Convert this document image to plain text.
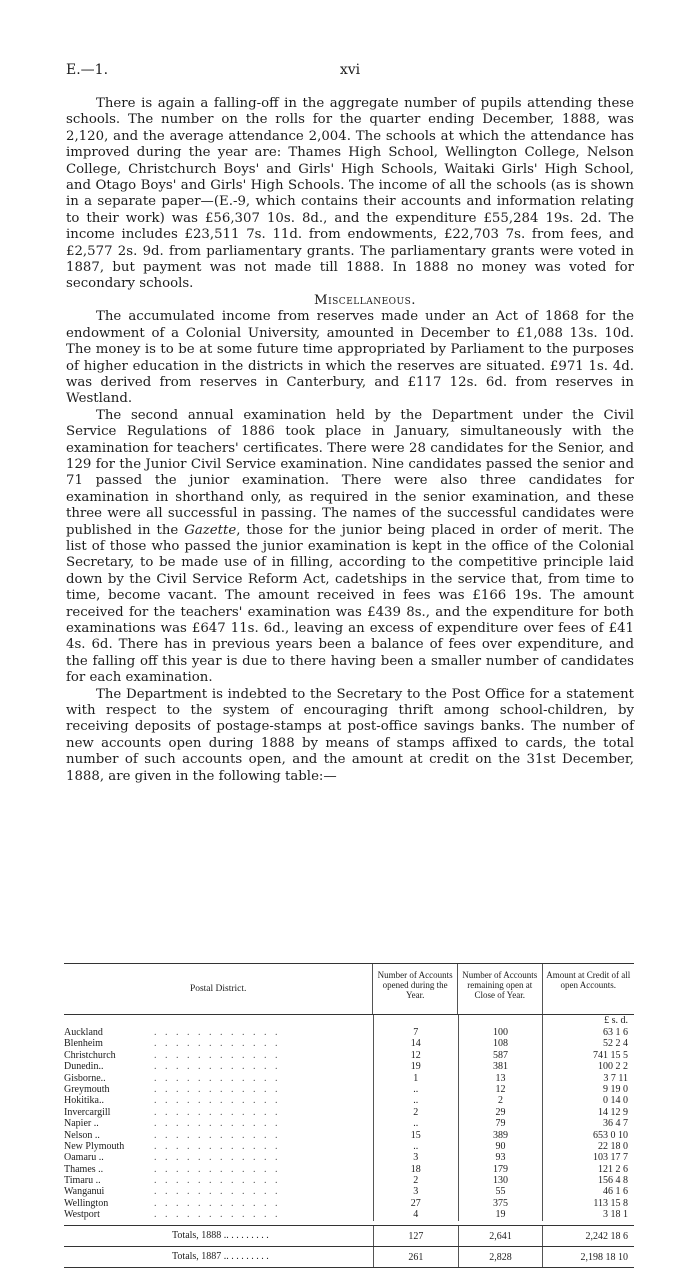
E.—1.	xvi

There is again a falling-off in the aggregate number of pupils attending these schools. The number on the rolls for the quarter ending December, 1888, was 2,120, and the average attendance 2,004. The schools at which the attendance has improved during the year are: Thames High School, Wellington College, Nelson College, Christchurch Boys' and Girls' High Schools, Waitaki Girls' High School, and Otago Boys' and Girls' High Schools. The income of all the schools (as is shown in a separate paper—(E.-9, which contains their accounts and information relating to their work) was £56,307 10s. 8d., and the expenditure £55,284 19s. 2d. The income includes £23,511 7s. 11d. from endowments, £22,703 7s. from fees, and £2,577 2s. 9d. from parliamentary grants. The parliamentary grants were voted in 1887, but payment was not made till 1888. In 1888 no money was voted for secondary schools.

Miscellaneous.

The accumulated income from reserves made under an Act of 1868 for the endowment of a Colonial University, amounted in December to £1,088 13s. 10d. The money is to be at some future time appropriated by Parliament to the purposes of higher education in the districts in which the reserves are situated. £971 1s. 4d. was derived from reserves in Canterbury, and £117 12s. 6d. from reserves in Westland.

The second annual examination held by the Department under the Civil Service Regulations of 1886 took place in January, simultaneously with the examination for teachers' certificates. There were 28 candidates for the Senior, and 129 for the Junior Civil Service examination. Nine candidates passed the senior and 71 passed the junior examination. There were also three candidates for examination in shorthand only, as required in the senior examination, and these three were all successful in passing. The names of the successful candidates were published in the Gazette, those for the junior being placed in order of merit. The list of those who passed the junior examination is kept in the office of the Colonial Secretary, to be made use of in filling, according to the competitive principle laid down by the Civil Service Reform Act, cadetships in the service that, from time to time, become vacant. The amount received in fees was £166 19s. The amount received for the teachers' examination was £439 8s., and the expenditure for both examinations was £647 11s. 6d., leaving an excess of expenditure over fees of £41 4s. 6d. There has in previous years been a balance of fees over expenditure, and the falling off this year is due to there having been a smaller number of candidates for each examination.

The Department is indebted to the Secretary to the Post Office for a statement with respect to the system of encouraging thrift among school-children, by receiving deposits of postage-stamps at post-office savings banks. The number of new accounts open during 1888 by means of stamps affixed to cards, the total number of such accounts open, and the amount at credit on the 31st December, 1888, are given in the following table:—

Postal District.
Number of Accounts opened during the Year.
Number of Accounts remaining open at Close of Year.
Amount at Credit of all open Accounts.
£ s. d.
Auckland	. . . . . . . . . . . .	7	100	63 1 6
Blenheim	. . . . . . . . . . . .	14	108	52 2 4
Christchurch	. . . . . . . . . . . .	12	587	741 15 5
Dunedin..	. . . . . . . . . . . .	19	381	100 2 2
Gisborne..	. . . . . . . . . . . .	1	13	3 7 11
Greymouth	. . . . . . . . . . . .	..	12	9 19 0
Hokitika..	. . . . . . . . . . . .	..	2	0 14 0
Invercargill	. . . . . . . . . . . .	2	29	14 12 9
Napier ..	. . . . . . . . . . . .	..	79	36 4 7
Nelson ..	. . . . . . . . . . . .	15	389	653 0 10
New Plymouth	. . . . . . . . . . . .	..	90	22 18 0
Oamaru ..	. . . . . . . . . . . .	3	93	103 17 7
Thames ..	. . . . . . . . . . . .	18	179	121 2 6
Timaru ..	. . . . . . . . . . . .	2	130	156 4 8
Wanganui	. . . . . . . . . . . .	3	55	46 1 6
Wellington	. . . . . . . . . . . .	27	375	113 15 8
Westport	. . . . . . . . . . . .	4	19	3 18 1
Totals, 1888 .. . . . . . . . .	127	2,641	2,242 18 6
Totals, 1887 .. . . . . . . . .	261	2,828	2,198 18 10
